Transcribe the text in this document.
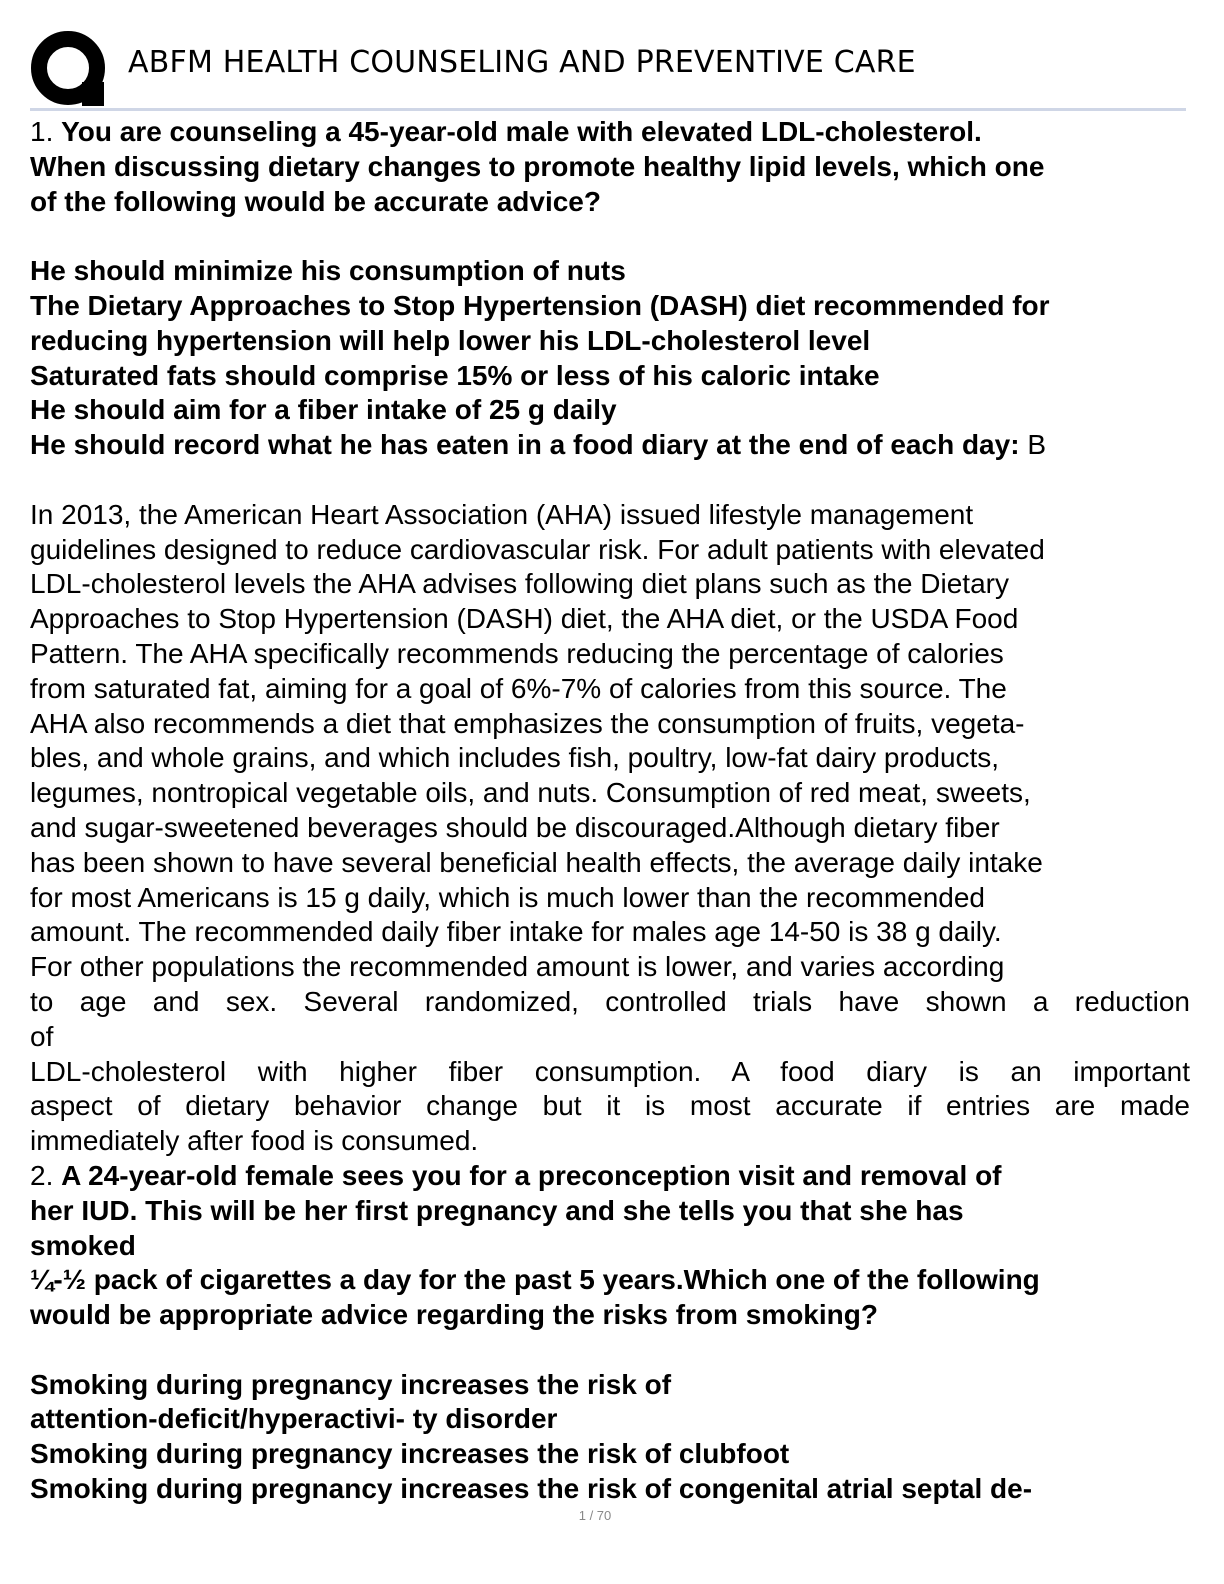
ABFM HEALTH COUNSELING AND PREVENTIVE CARE

1. You are counseling a 45-year-old male with elevated LDL-cholesterol.

When discussing dietary changes to promote healthy lipid levels, which one

of the following would be accurate advice?

He should minimize his consumption of nuts

The Dietary Approaches to Stop Hypertension (DASH) diet recommended for

reducing hypertension will help lower his LDL-cholesterol level

Saturated fats should comprise 15% or less of his caloric intake

He should aim for a fiber intake of 25 g daily

He should record what he has eaten in a food diary at the end of each day: B

In 2013, the American Heart Association (AHA) issued lifestyle management

guidelines designed to reduce cardiovascular risk. For adult patients with elevated

LDL-cholesterol levels the AHA advises following diet plans such as the Dietary

Approaches to Stop Hypertension (DASH) diet, the AHA diet, or the USDA Food

Pattern. The AHA specifically recommends reducing the percentage of calories

from saturated fat, aiming for a goal of 6%-7% of calories from this source. The

AHA also recommends a diet that emphasizes the consumption of fruits, vegeta-

bles, and whole grains, and which includes fish, poultry, low-fat dairy products,

legumes, nontropical vegetable oils, and nuts. Consumption of red meat, sweets,

and sugar-sweetened beverages should be discouraged.Although dietary fiber

has been shown to have several beneficial health effects, the average daily intake

for most Americans is 15 g daily, which is much lower than the recommended

amount. The recommended daily fiber intake for males age 14-50 is 38 g daily.

For other populations the recommended amount is lower, and varies according

to age and sex. Several randomized, controlled trials have shown a reduction

of

LDL-cholesterol with higher fiber consumption. A food diary is an important

aspect of dietary behavior change but it is most accurate if entries are made

immediately after food is consumed.

2. A 24-year-old female sees you for a preconception visit and removal of

her IUD. This will be her first pregnancy and she tells you that she has

smoked

¼-½ pack of cigarettes a day for the past 5 years.Which one of the following

would be appropriate advice regarding the risks from smoking?

Smoking during pregnancy increases the risk of

attention-deficit/hyperactivi- ty disorder

Smoking during pregnancy increases the risk of clubfoot

Smoking during pregnancy increases the risk of congenital atrial septal de-

1 / 70
